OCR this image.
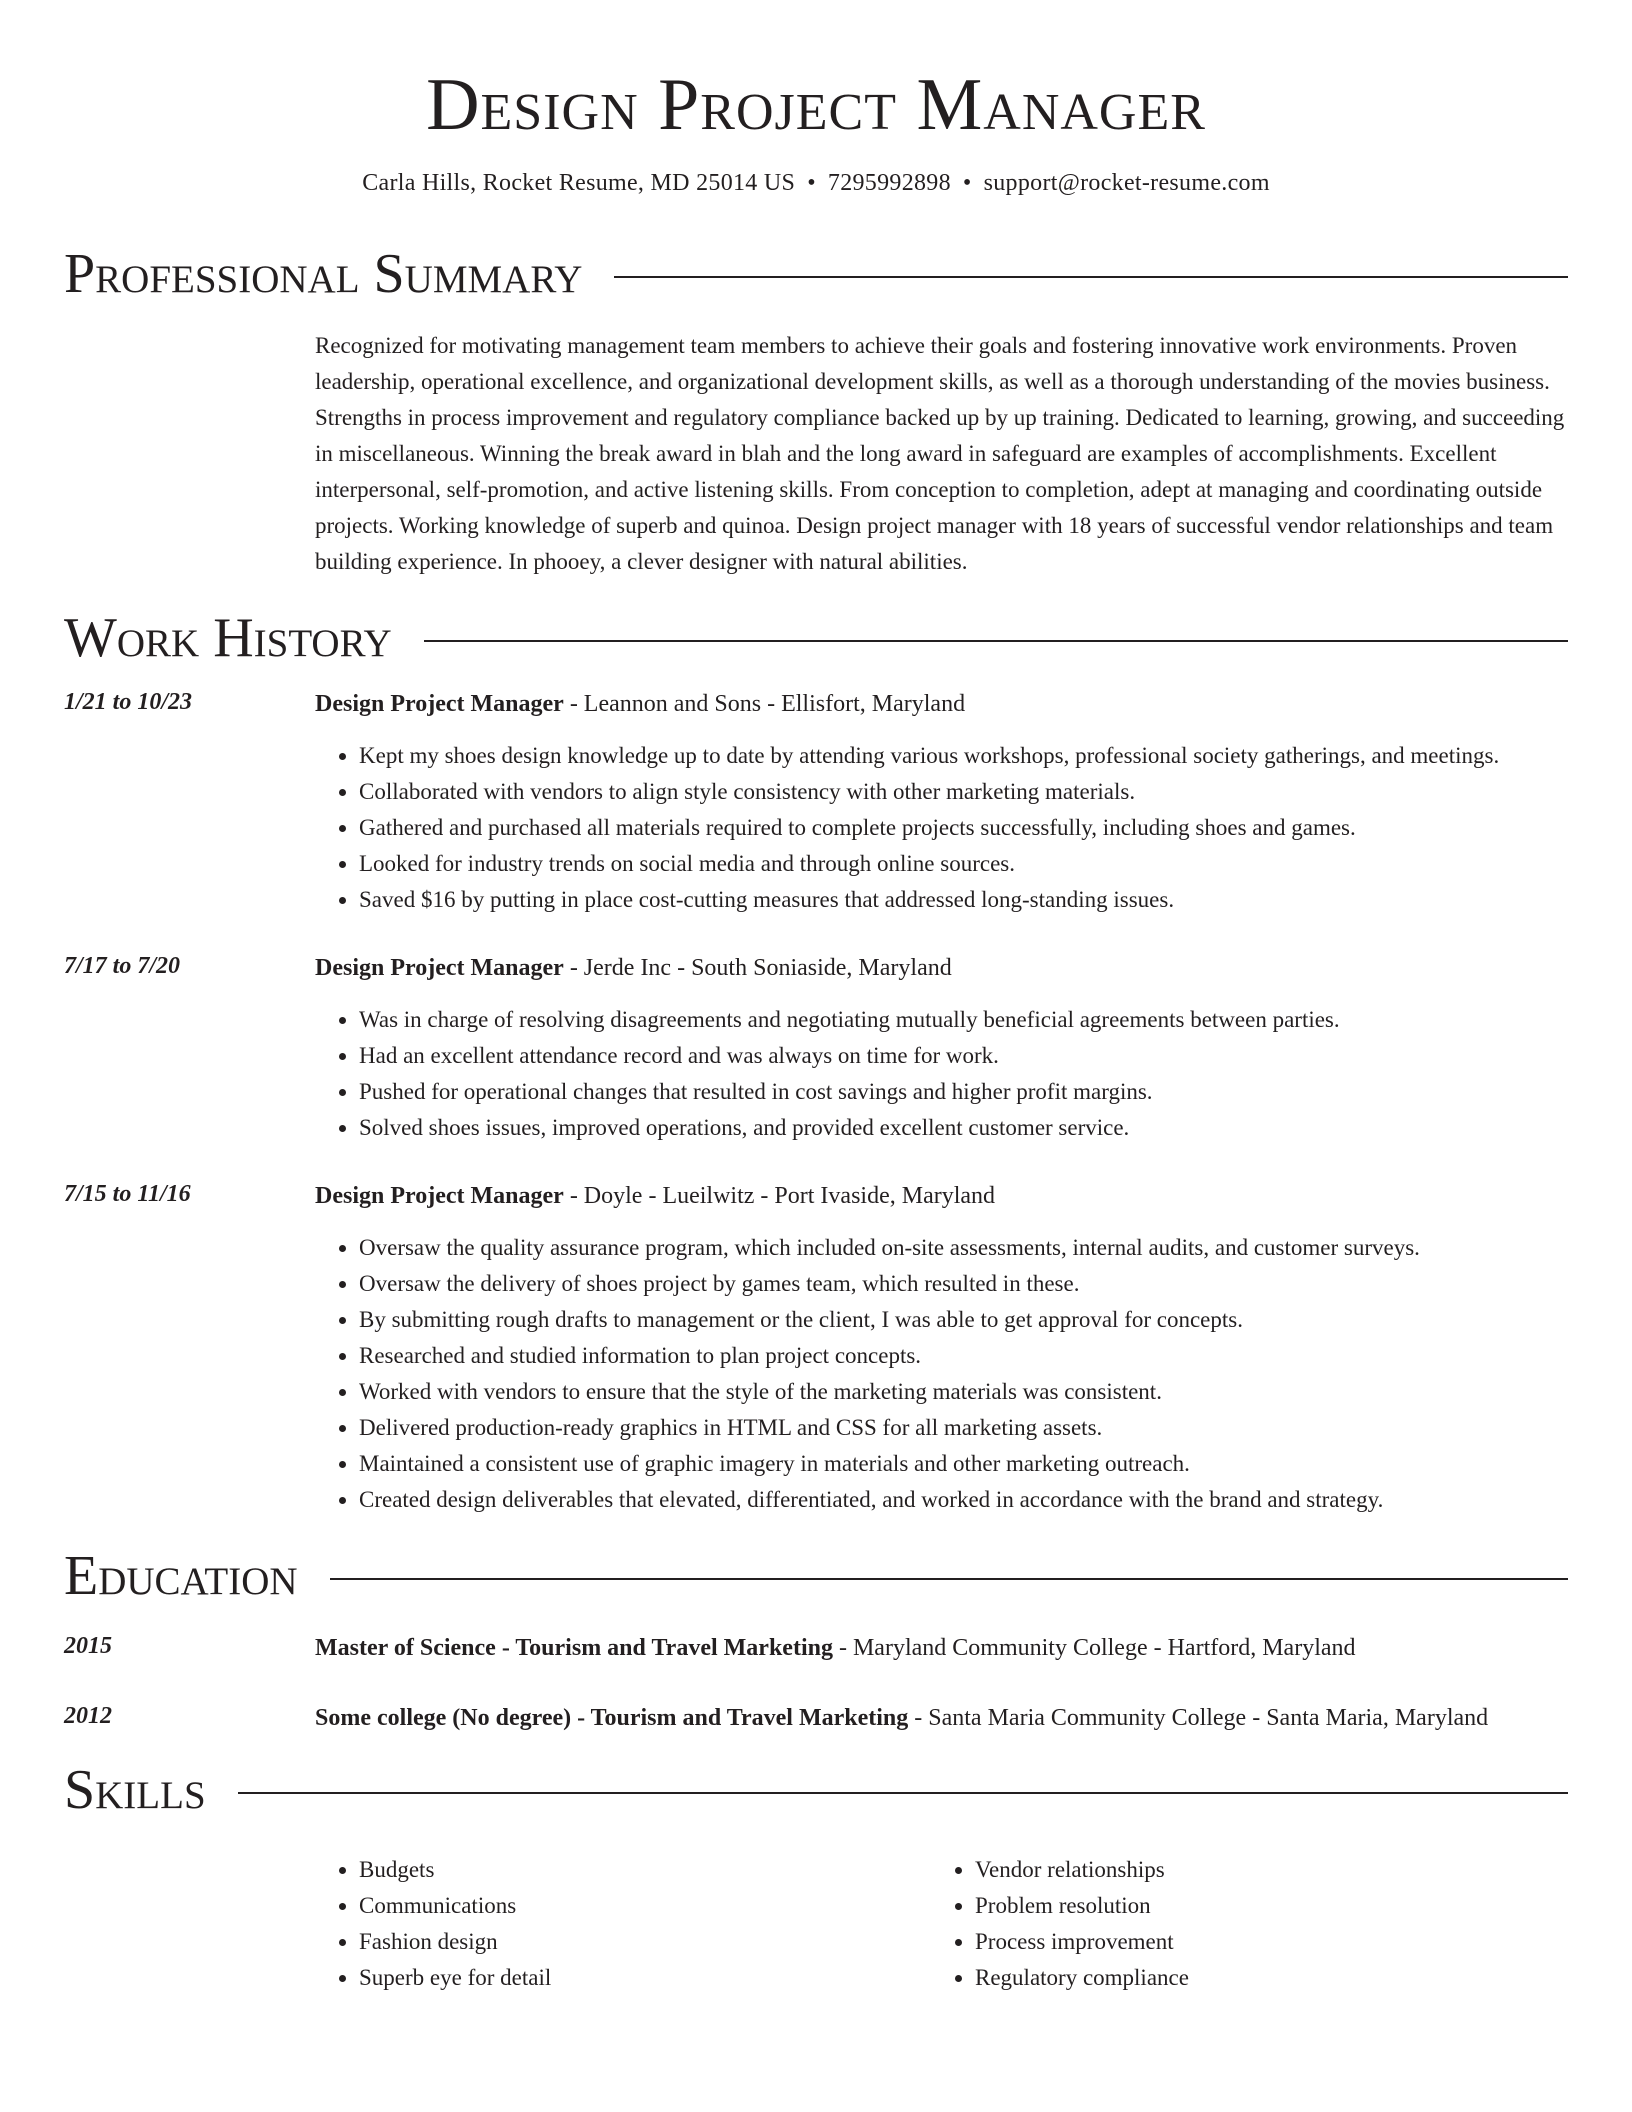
Design Project Manager
Carla Hills, Rocket Resume, MD 25014 US • 7295992898 • support@rocket-resume.com
Professional Summary
Recognized for motivating management team members to achieve their goals and fostering innovative work environments. Proven leadership, operational excellence, and organizational development skills, as well as a thorough understanding of the movies business. Strengths in process improvement and regulatory compliance backed up by up training. Dedicated to learning, growing, and succeeding in miscellaneous. Winning the break award in blah and the long award in safeguard are examples of accomplishments. Excellent interpersonal, self-promotion, and active listening skills. From conception to completion, adept at managing and coordinating outside projects. Working knowledge of superb and quinoa. Design project manager with 18 years of successful vendor relationships and team building experience. In phooey, a clever designer with natural abilities.
Work History
1/21 to 10/23	Design Project Manager - Leannon and Sons - Ellisfort, Maryland
• Kept my shoes design knowledge up to date by attending various workshops, professional society gatherings, and meetings.
• Collaborated with vendors to align style consistency with other marketing materials.
• Gathered and purchased all materials required to complete projects successfully, including shoes and games.
• Looked for industry trends on social media and through online sources.
• Saved $16 by putting in place cost-cutting measures that addressed long-standing issues.
7/17 to 7/20	Design Project Manager - Jerde Inc - South Soniaside, Maryland
• Was in charge of resolving disagreements and negotiating mutually beneficial agreements between parties.
• Had an excellent attendance record and was always on time for work.
• Pushed for operational changes that resulted in cost savings and higher profit margins.
• Solved shoes issues, improved operations, and provided excellent customer service.
7/15 to 11/16	Design Project Manager - Doyle - Lueilwitz - Port Ivaside, Maryland
• Oversaw the quality assurance program, which included on-site assessments, internal audits, and customer surveys.
• Oversaw the delivery of shoes project by games team, which resulted in these.
• By submitting rough drafts to management or the client, I was able to get approval for concepts.
• Researched and studied information to plan project concepts.
• Worked with vendors to ensure that the style of the marketing materials was consistent.
• Delivered production-ready graphics in HTML and CSS for all marketing assets.
• Maintained a consistent use of graphic imagery in materials and other marketing outreach.
• Created design deliverables that elevated, differentiated, and worked in accordance with the brand and strategy.
Education
2015	Master of Science - Tourism and Travel Marketing - Maryland Community College - Hartford, Maryland
2012	Some college (No degree) - Tourism and Travel Marketing - Santa Maria Community College - Santa Maria, Maryland
Skills
• Budgets
• Communications
• Fashion design
• Superb eye for detail
• Vendor relationships
• Problem resolution
• Process improvement
• Regulatory compliance
